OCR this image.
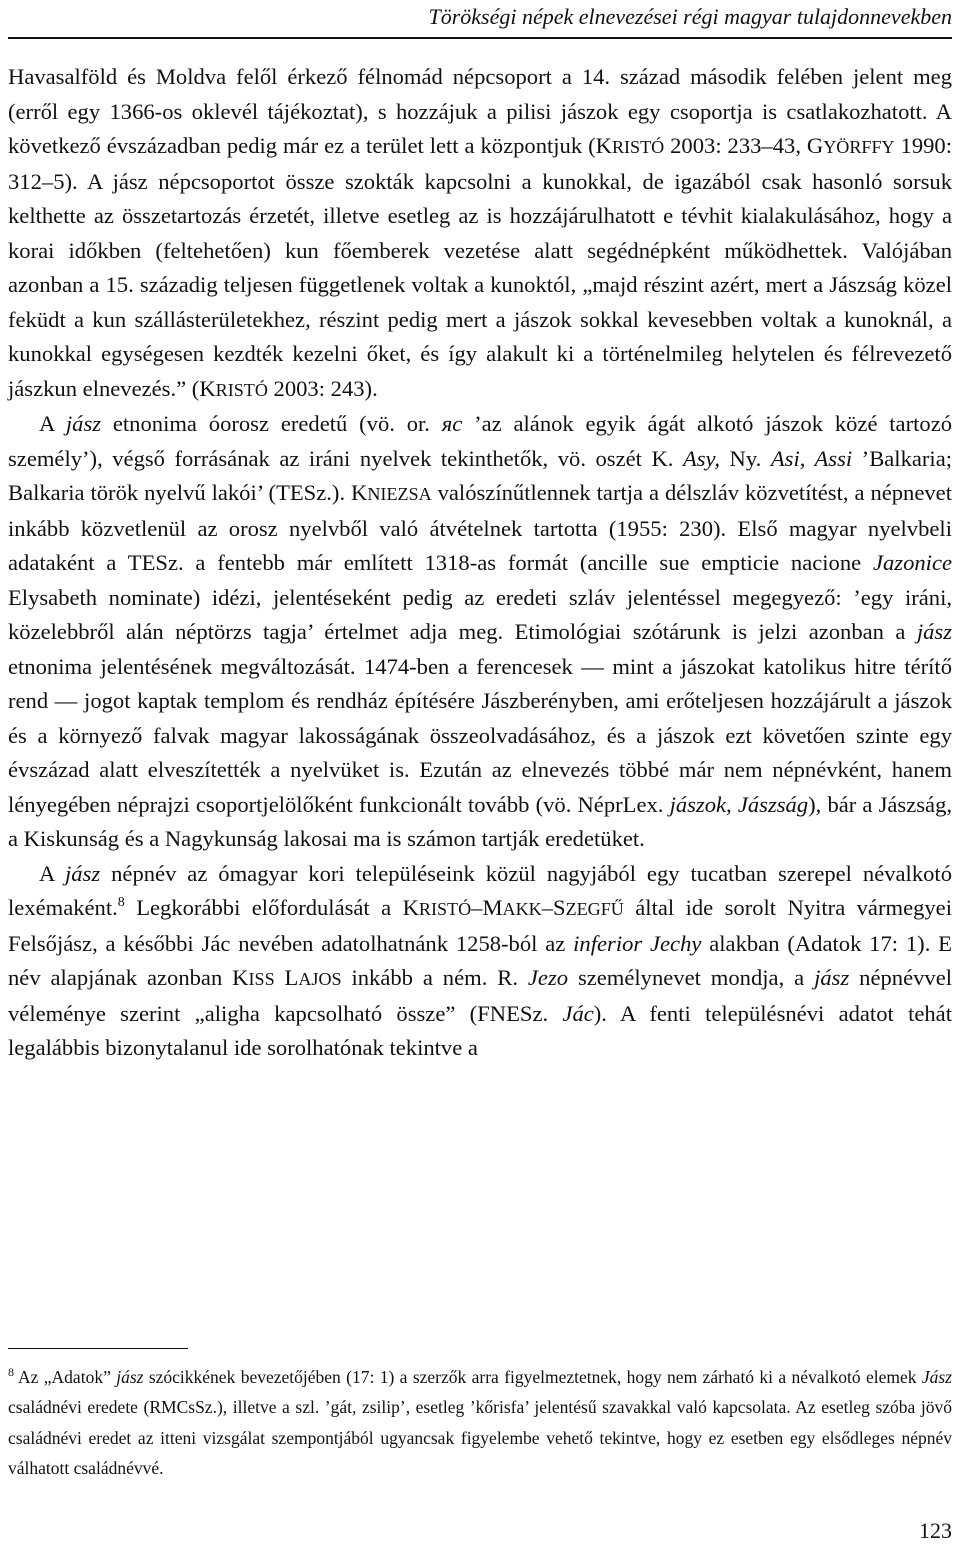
Törökségi népek elnevezései régi magyar tulajdonnevekben

Havasalföld és Moldva felől érkező félnomád népcsoport a 14. század második felében jelent meg (erről egy 1366-os oklevél tájékoztat), s hozzájuk a pilisi jászok egy csoportja is csatlakozhatott. A következő évszázadban pedig már ez a terület lett a központjuk (KRISTÓ 2003: 233–43, GYÖRFFY 1990: 312–5). A jász népcsoportot össze szokták kapcsolni a kunokkal, de igazából csak hasonló sorsuk kelthette az összetartozás érzetét, illetve esetleg az is hozzájárulhatott e tévhit kialakulásához, hogy a korai időkben (feltehetően) kun főemberek vezetése alatt segédnépként működhettek. Valójában azonban a 15. századig teljesen függetlenek voltak a kunoktól, „majd részint azért, mert a Jászság közel feküdt a kun szállásterületekhez, részint pedig mert a jászok sokkal kevesebben voltak a kunoknál, a kunokkal egységesen kezdték kezelni őket, és így alakult ki a történelmileg helytelen és félrevezető jászkun elnevezés.” (KRISTÓ 2003: 243).

A jász etnonima óorosz eredetű (vö. or. яс ’az alánok egyik ágát alkotó jászok közé tartozó személy’), végső forrásának az iráni nyelvek tekinthetők, vö. oszét K. Asy, Ny. Asi, Assi ’Balkaria; Balkaria török nyelvű lakói’ (TESz.). KNIEZSA valószínűtlennek tartja a délszláv közvetítést, a népnevet inkább közvetlenül az orosz nyelvből való átvételnek tartotta (1955: 230). Első magyar nyelvbeli adataként a TESz. a fentebb már említett 1318-as formát (ancille sue empticie nacione Jazonice Elysabeth nominate) idézi, jelentéseként pedig az eredeti szláv jelentéssel megegyező: ’egy iráni, közelebbről alán néptörzs tagja’ értelmet adja meg. Etimológiai szótárunk is jelzi azonban a jász etnonima jelentésének megváltozását. 1474-ben a ferencesek — mint a jászokat katolikus hitre térítő rend — jogot kaptak templom és rendház építésére Jászberényben, ami erőteljesen hozzájárult a jászok és a környező falvak magyar lakosságának összeolvadásához, és a jászok ezt követően szinte egy évszázad alatt elveszítették a nyelvüket is. Ezután az elnevezés többé már nem népnévként, hanem lényegében néprajzi csoportjelölőként funkcionált tovább (vö. NéprLex. jászok, Jászság), bár a Jászság, a Kiskunság és a Nagykunság lakosai ma is számon tartják eredetüket.

A jász népnév az ómagyar kori településeink közül nagyjából egy tucatban szerepel névalkotó lexémaként.$^8$ Legkorábbi előfordulását a KRISTÓ–MAKK–SZEGFŰ által ide sorolt Nyitra vármegyei Felsőjász, a későbbi Jác nevében adatolhatnánk 1258-ból az inferior Jechy alakban (Adatok 17: 1). E név alapjának azonban KISS LAJOS inkább a ném. R. Jezo személynevet mondja, a jász népnévvel véleménye szerint „aligha kapcsolható össze” (FNESz. Jác). A fenti településnévi adatot tehát legalábbis bizonytalanul ide sorolhatónak tekintve a

$^8$ Az „Adatok” jász szócikkének bevezetőjében (17: 1) a szerzők arra figyelmeztetnek, hogy nem zárható ki a névalkotó elemek Jász családnévi eredete (RMCsSz.), illetve a szl. ’gát, zsilip’, esetleg ’kőrisfa’ jelentésű szavakkal való kapcsolata. Az esetleg szóba jövő családnévi eredet az itteni vizsgálat szempontjából ugyancsak figyelembe vehető tekintve, hogy ez esetben egy elsődleges népnév válhatott családnévvé.
123
